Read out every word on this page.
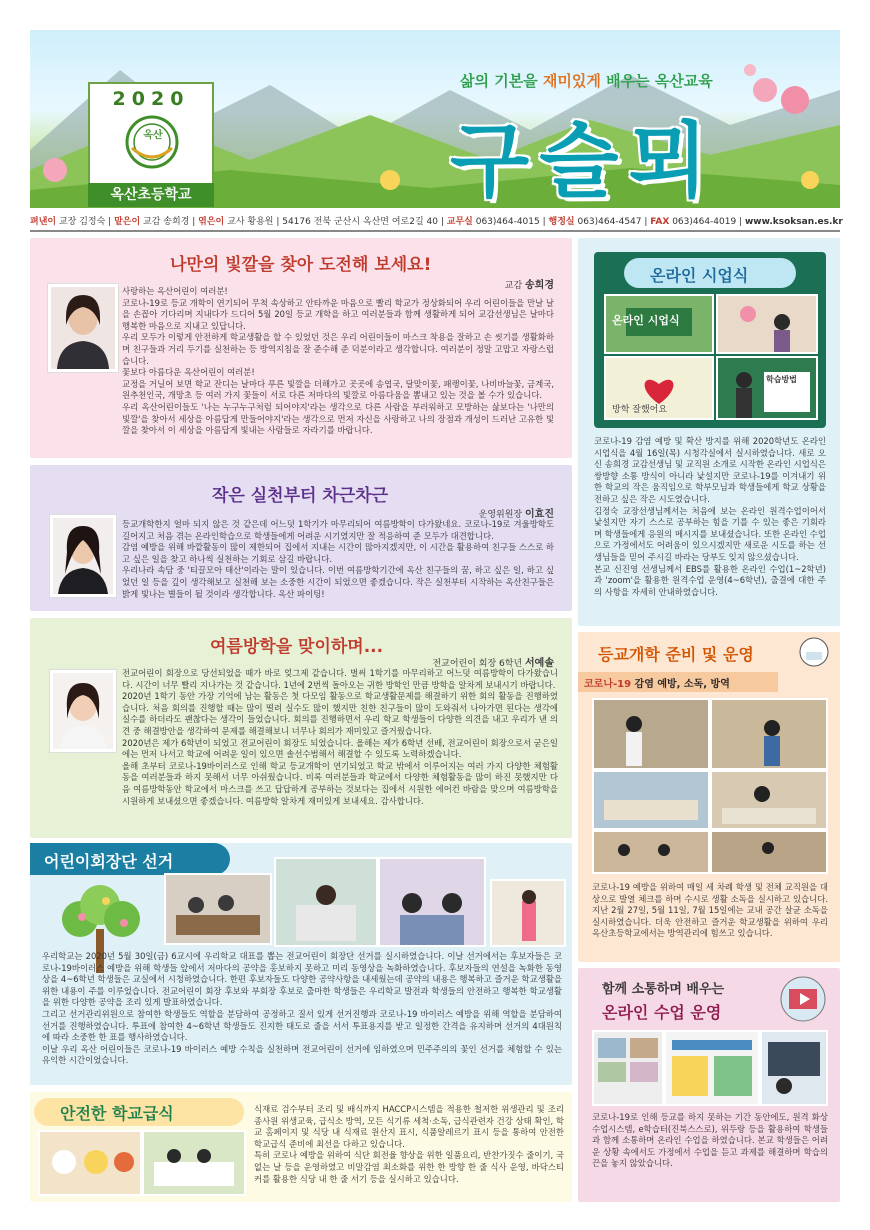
2020
옥산
옥산초등학교
삶의 기본을 재미있게 배우는 옥산교육
구슬뫼
펴낸이 교장 김정숙 | 맡은이 교감 송희경 | 엮은이 교사 황용원 | 54176 전북 군산시 옥산면 여로2길 40 | 교무실 063)464-4015 | 행정실 063)464-4547 | FAX 063)464-4019 | www.ksoksan.es.kr
나만의 빛깔을 찾아 도전해 보세요!
교감 송희경
사랑하는 옥산어린이 여러분!
코로나-19로 등교 개학이 연기되어 무척 속상하고 안타까운 마음으로 빨리 학교가 정상화되어 우리 어린이들을 만날 날을 손꼽아 기다리며 지내다가 드디어 5월 20일 등교 개학을 하고 여러분들과 함께 생활하게 되어 교감선생님은 날마다 행복한 마음으로 지내고 있답니다.
우리 모두가 이렇게 안전하게 학교생활을 할 수 있었던 것은 우리 어린이들이 마스크 착용을 잘하고 손 씻기를 생활화하며 친구들과 거리 두기를 실천하는 등 방역지침을 잘 준수해 준 덕분이라고 생각합니다. 여러분이 정말 고맙고 자랑스럽습니다.
꽃보다 아름다운 옥산어린이 여러분!
교정을 거닐어 보면 학교 잔디는 날마다 푸른 빛깔을 더해가고 곳곳에 송엽국, 달맞이꽃, 패랭이꽃, 나비바늘꽃, 금계국, 원추천인국, 개망초 등 여러 가지 꽃들이 서로 다른 저마다의 빛깔로 아름다움을 뽐내고 있는 것을 볼 수가 있습니다.
우리 옥산어린이들도 '나는 누구누구처럼 되어야지'라는 생각으로 다른 사람을 부러워하고 모방하는 삶보다는 '나만의 빛깔'을 찾아서 세상을 아름답게 만들어야지'라는 생각으로 먼저 자신을 사랑하고 나의 장점과 개성이 드러난 고유한 빛깔을 찾아서 이 세상을 아름답게 빛내는 사람들로 자라기를 바랍니다.
작은 실천부터 차근차근
운영위원장 이효진
등교개학한지 얼마 되지 않은 것 같은데 어느덧 1학기가 마무리되어 여름방학이 다가왔네요. 코로나-19로 겨울방학도 길어지고 처음 겪는 온라인학습으로 학생들에게 어려운 시기였지만 잘 적응하여 준 모두가 대견합니다.
감염 예방을 위해 바깥활동이 많이 제한되어 집에서 지내는 시간이 많아지겠지만, 이 시간을 활용하여 친구들 스스로 하고 싶은 일을 찾고 하나씩 실천하는 기회로 삼길 바랍니다.
우리나라 속담 중 '티끌모아 태산'이라는 말이 있습니다. 이번 여름방학기간에 옥산 친구들의 꿈, 하고 싶은 일, 하고 싶었던 일 등을 깊이 생각해보고 실천해 보는 소중한 시간이 되었으면 좋겠습니다. 작은 실천부터 시작하는 옥산친구들은 밝게 빛나는 별들이 될 것이라 생각합니다. 옥산 파이팅!
여름방학을 맞이하며...
전교어린이 회장 6학년 서예솔
전교어린이 회장으로 당선되었을 때가 바로 엊그제 같습니다. 벌써 1학기를 마무리하고 어느덧 여름방학이 다가왔습니다. 시간이 너무 빨리 지나가는 것 같습니다. 1년에 2번씩 돌아오는 귀한 방학인 만큼 방학을 알차게 보내시기 바랍니다.
2020년 1학기 동안 가장 기억에 남는 활동은 첫 다모임 활동으로 학교생활문제를 해결하기 위한 회의 활동을 진행하였습니다. 처음 회의를 진행할 때는 많이 떨려 실수도 많이 했지만 친한 친구들이 많이 도와줘서 나아가면 된다는 생각에 실수를 하더라도 괜찮다는 생각이 들었습니다. 회의를 진행하면서 우리 학교 학생들이 다양한 의견을 내고 우리가 낸 의견 중 해결방안을 생각하여 문제를 해결해보니 너무나 회의가 재미있고 즐거웠습니다.
2020년은 제가 6학년이 되었고 전교어린이 회장도 되었습니다. 올해는 제가 6학년 선배, 전교어린이 회장으로서 굳은일에는 먼저 나서고 학교에 어려운 일이 있으면 솔선수범해서 해결할 수 있도록 노력하겠습니다.
올해 초부터 코로나-19바이러스로 인해 학교 등교개학이 연기되었고 학교 밖에서 이루어지는 여러 가지 다양한 체험활동을 여러분들과 하지 못해서 너무 아쉬웠습니다. 비록 여러분들과 학교에서 다양한 체험활동을 많이 하진 못했지만 다음 여름방학동안 학교에서 마스크를 쓰고 답답하게 공부하는 것보다는 집에서 시원한 에어컨 바람을 맞으며 여름방학을 시원하게 보내셨으면 좋겠습니다. 여름방학 알차게 재미있게 보내세요. 감사합니다.
어린이회장단 선거
우리학교는 2020년 5월 30일(금) 6교시에 우리학교 대표를 뽑는 전교어린이 회장단 선거를 실시하였습니다. 이날 선거에서는 후보자들은 코로나-19바이러스 예방을 위해 학생들 앞에서 저마다의 공약을 홍보하지 못하고 미리 동영상을 녹화하였습니다. 후보자들의 연설을 녹화한 동영상을 4~6학년 학생들은 교실에서 시청하였습니다. 한편 후보자들도 다양한 공약사항을 내세웠는데 공약의 내용은 행복하고 즐거운 학교생활을 위한 내용이 주를 이루었습니다. 전교어린이 회장 후보와 부회장 후보로 출마한 학생들은 우리학교 발전과 학생들의 안전하고 행복한 학교생활을 위한 다양한 공약을 조리 있게 발표하였습니다.
그리고 선거관리위원으로 참여한 학생들도 역할을 분담하여 공정하고 질서 있게 선거진행과 코로나-19 바이러스 예방을 위해 역할을 분담하여 선거를 진행하였습니다. 투표에 참여한 4~6학년 학생들도 진지한 태도로 줄을 서서 투표용지를 받고 일정한 간격을 유지하며 선거의 4대원칙에 따라 소중한 한 표를 행사하였습니다.
이날 우리 옥산 어린이들은 코로나-19 바이러스 예방 수칙을 실천하며 전교어린이 선거에 임하였으며 민주주의의 꽃인 선거를 체험할 수 있는 유익한 시간이었습니다.
안전한 학교급식	식재료 검수부터 조리 및 배식까지 HACCP시스템을 적용한 철저한 위생관리 및 조리종사원 위생교육, 급식소 방역, 모든 식기류 세척·소독, 급식관련자 건강 상태 확인, 학교 홈페이지 및 식당 내 식재료 원산지 표시, 식품알레르기 표시 등을 통하여 안전한 학교급식 준비에 최선을 다하고 있습니다.
특히 코로나 예방을 위하여 식단 회전율 향상을 위한 일품요리, 반찬가짓수 줄이기, 국 없는 날 등을 운영하였고 비말감염 최소화를 위한 한 방향 한 줄 식사 운영, 바닥스티커를 활용한 식당 내 한 줄 서기 등을 실시하고 있습니다.
온라인 시업식
온라인 시업식
방학 잘했어요
학습방법
코로나-19 감염 예방 및 확산 방지를 위해 2020학년도 온라인 시업식을 4월 16일(목) 시청각실에서 실시하였습니다. 새로 오신 송희경 교감선생님 및 교직원 소개로 시작한 온라인 시업식은 쌍방향 소통 방식이 아니라 낯설지만 코로나-19를 이겨내기 위한 학교의 작은 움직임으로 학부모님과 학생들에게 학교 상황을 전하고 싶은 작은 시도였습니다.
김정숙 교장선생님께서는 처음에 보는 온라인 원격수업이어서 낯설지만 자기 스스로 공부하는 힘을 기를 수 있는 좋은 기회라며 학생들에게 응원의 메시지를 보내셨습니다. 또한 온라인 수업으로 가정에서도 어려움이 있으시겠지만 새로운 시도를 하는 선생님들을 믿어 주시길 바라는 당부도 잊지 않으셨습니다.
본교 신진영 선생님께서 EBS를 활용한 온라인 수업(1~2학년)과 'zoom'을 활용한 원격수업 운영(4~6학년), 출결에 대한 주의 사항을 자세히 안내하였습니다.
등교개학 준비 및 운영
코로나-19 감염 예방, 소독, 방역
코로나-19 예방을 위하여 매일 세 차례 학생 및 전체 교직원을 대상으로 발열 체크를 하며 수시로 생활 소독을 실시하고 있습니다. 지난 2월 27일, 5월 11일, 7월 15일에는 교내 공간 살균 소독을 실시하였습니다. 더욱 안전하고 즐거운 학교생활을 위하여 우리 옥산초등학교에서는 방역관리에 힘쓰고 있습니다.
함께 소통하며 배우는
온라인 수업 운영
코로나-19로 인해 등교를 하지 못하는 기간 동안에도, 원격 화상수업시스템, e학습터(진북스스로), 위두랑 등을 활용하여 학생들과 함께 소통하며 온라인 수업을 하였습니다. 본교 학생들은 어려운 상황 속에서도 가정에서 수업을 듣고 과제를 해결하며 학습의 끈을 놓지 않았습니다.
